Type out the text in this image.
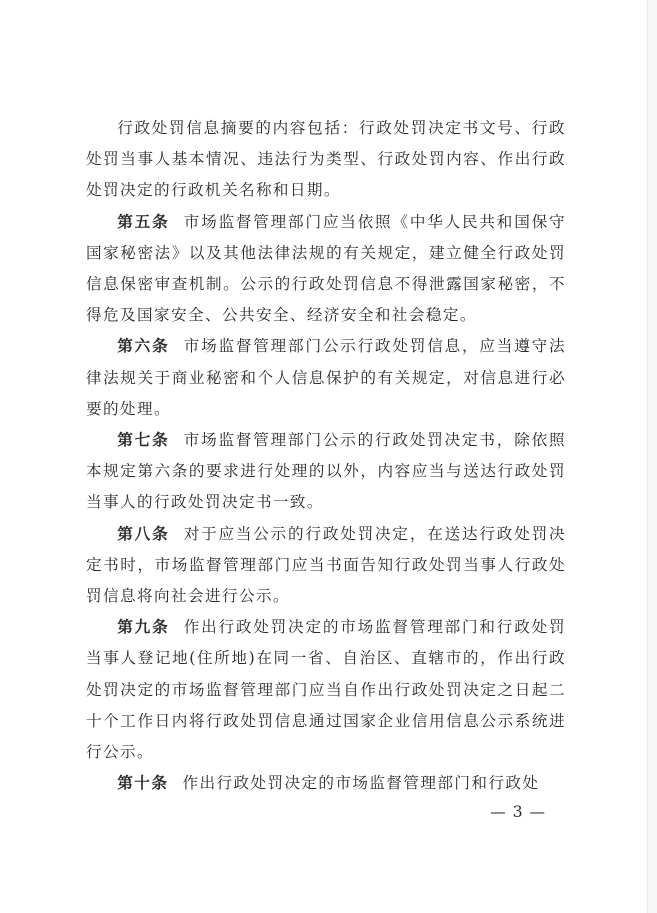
行政处罚信息摘要的内容包括：行政处罚决定书文号、行政处罚当事人基本情况、违法行为类型、行政处罚内容、作出行政处罚决定的行政机关名称和日期。

第五条 市场监督管理部门应当依照《中华人民共和国保守国家秘密法》以及其他法律法规的有关规定，建立健全行政处罚信息保密审查机制。公示的行政处罚信息不得泄露国家秘密，不得危及国家安全、公共安全、经济安全和社会稳定。

第六条 市场监督管理部门公示行政处罚信息，应当遵守法律法规关于商业秘密和个人信息保护的有关规定，对信息进行必要的处理。

第七条 市场监督管理部门公示的行政处罚决定书，除依照本规定第六条的要求进行处理的以外，内容应当与送达行政处罚当事人的行政处罚决定书一致。

第八条 对于应当公示的行政处罚决定，在送达行政处罚决定书时，市场监督管理部门应当书面告知行政处罚当事人行政处罚信息将向社会进行公示。

第九条 作出行政处罚决定的市场监督管理部门和行政处罚当事人登记地(住所地)在同一省、自治区、直辖市的，作出行政处罚决定的市场监督管理部门应当自作出行政处罚决定之日起二十个工作日内将行政处罚信息通过国家企业信用信息公示系统进行公示。

第十条 作出行政处罚决定的市场监督管理部门和行政处

— 3 —
